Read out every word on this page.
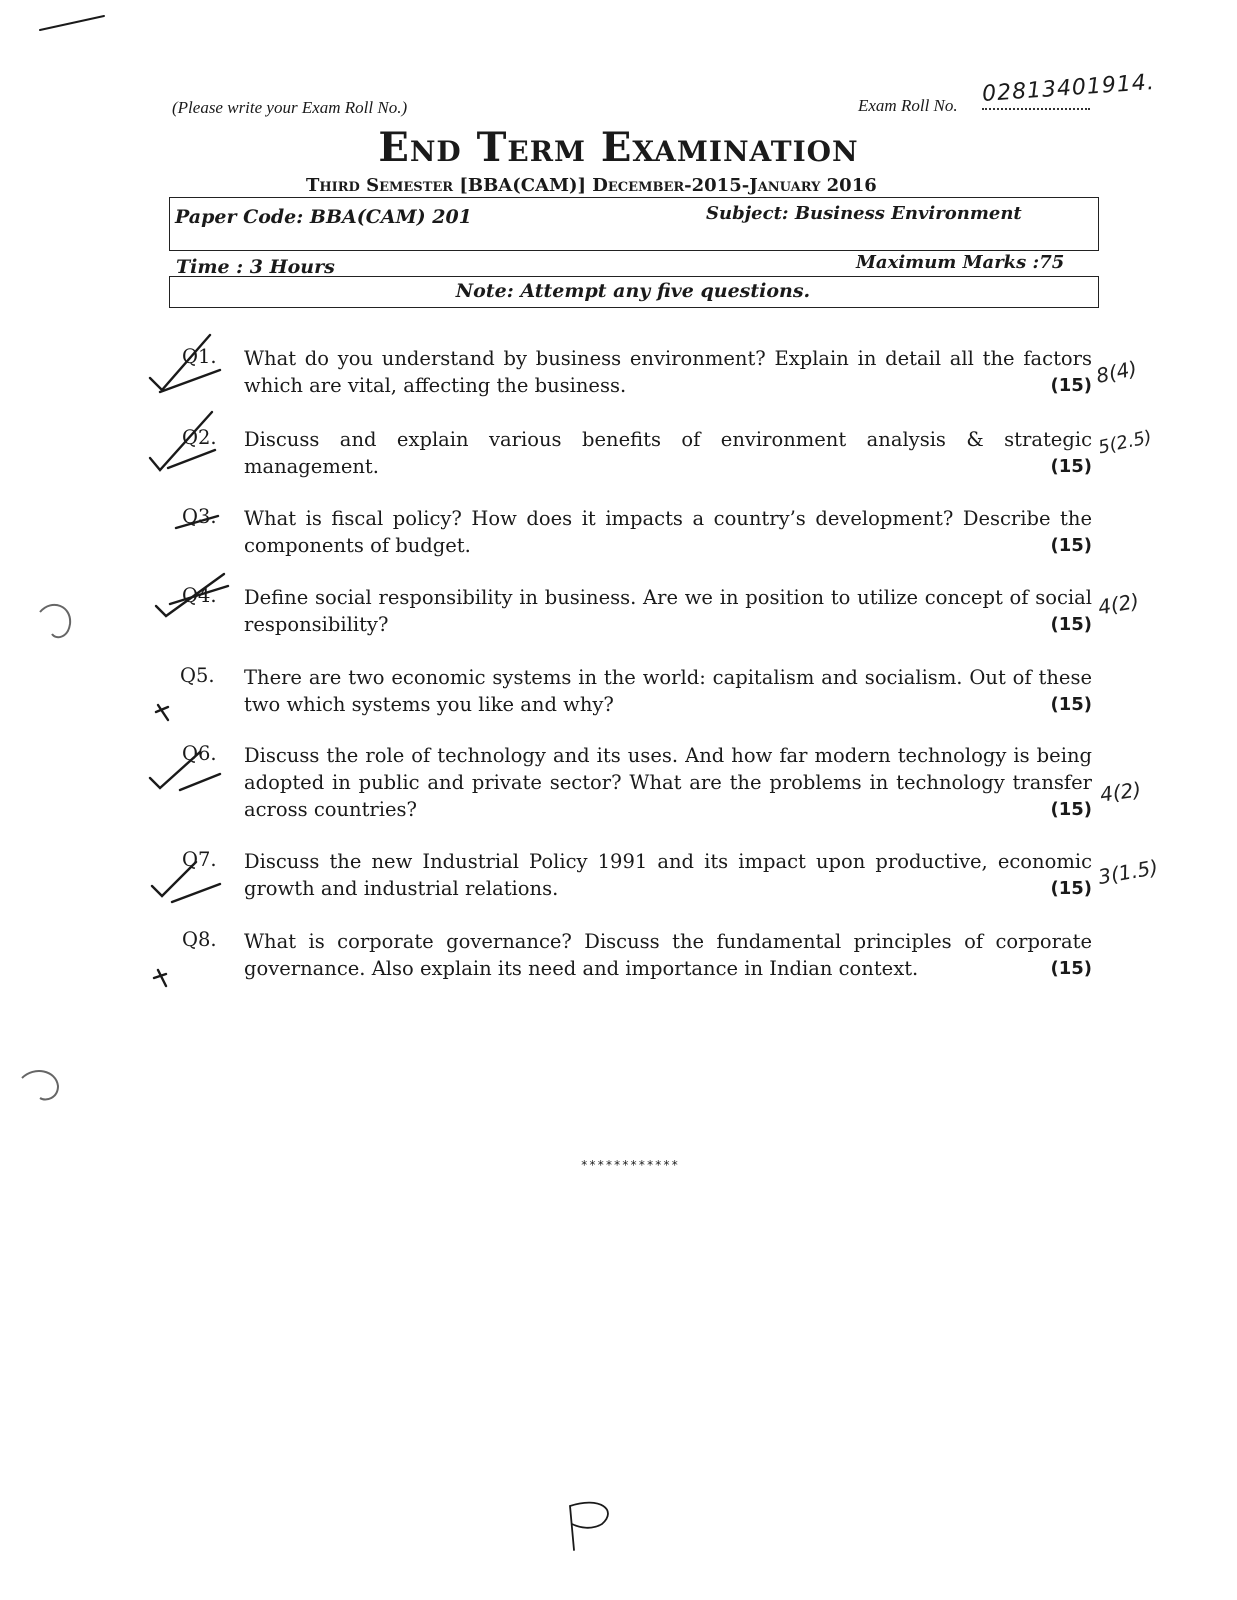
(Please write your Exam Roll No.)	Exam Roll No. 02813401914.
End Term Examination
Third Semester [BBA(CAM)] December-2015-January 2016
Paper Code: BBA(CAM) 201	Subject: Business Environment
Time : 3 Hours	Maximum Marks :75
Note: Attempt any five questions.
Q1. What do you understand by business environment? Explain in detail all the factors which are vital, affecting the business.	(15) 8(4)
Q2. Discuss and explain various benefits of environment analysis & strategic management.	(15)
5(2.5)
Q3. What is fiscal policy? How does it impacts a country’s development? Describe the components of budget.	(15)
Q4. Define social responsibility in business. Are we in position to utilize concept of social responsibility?	(15)
4(2)
Q5. There are two economic systems in the world: capitalism and socialism. Out of these two which systems you like and why?	(15)
Q6. Discuss the role of technology and its uses. And how far modern technology is being adopted in public and private sector? What are the problems in technology transfer across countries?	(15)
4(2)
Q7. Discuss the new Industrial Policy 1991 and its impact upon productive, economic growth and industrial relations.	(15) 3(1.5)
Q8. What is corporate governance? Discuss the fundamental principles of corporate governance. Also explain its need and importance in Indian context.	(15)
************
